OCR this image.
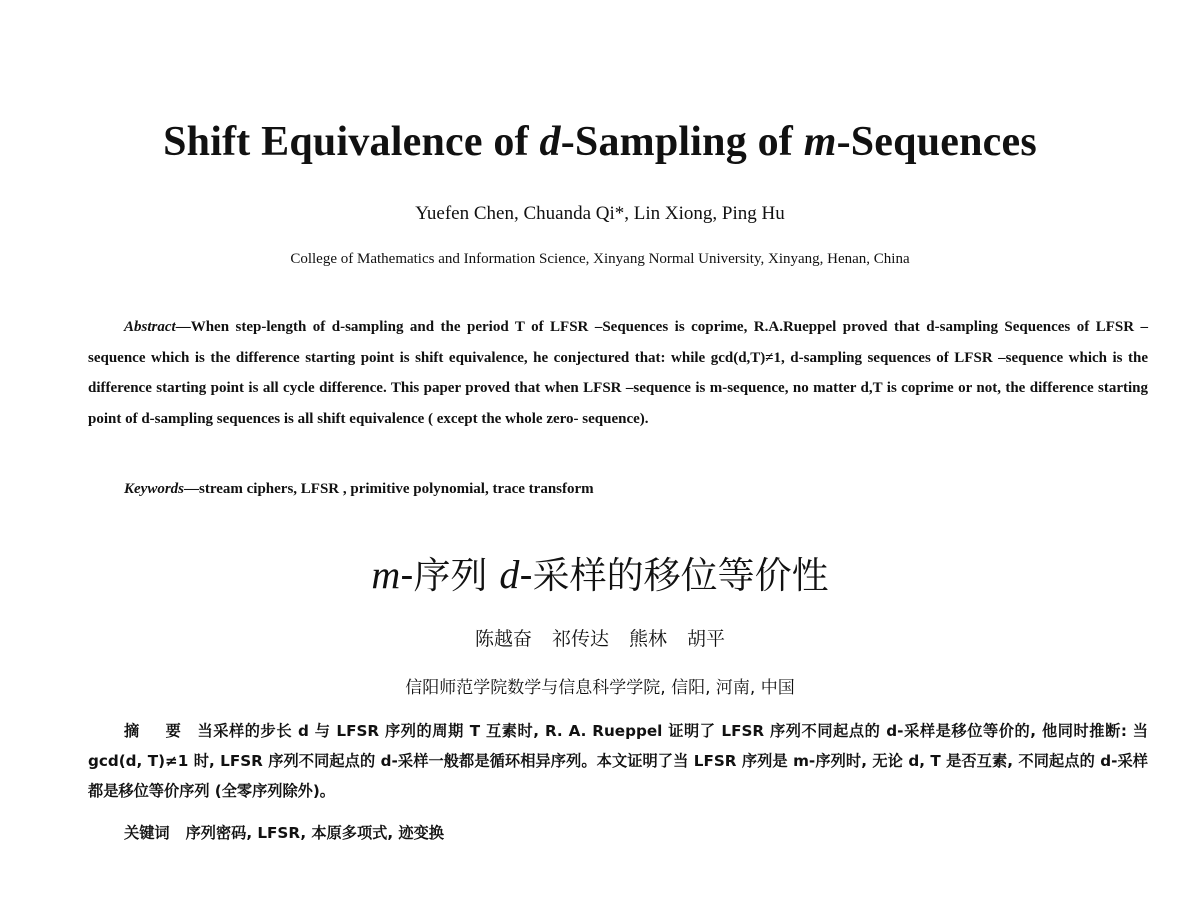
Shift Equivalence of d-Sampling of m-Sequences
Yuefen Chen, Chuanda Qi*, Lin Xiong, Ping Hu
College of Mathematics and Information Science, Xinyang Normal University, Xinyang, Henan, China
Abstract—When step-length of d-sampling and the period T of LFSR –Sequences is coprime, R.A.Rueppel proved that d-sampling Sequences of LFSR –sequence which is the difference starting point is shift equivalence, he conjectured that: while gcd(d,T)≠1, d-sampling sequences of LFSR –sequence which is the difference starting point is all cycle difference. This paper proved that when LFSR –sequence is m-sequence, no matter d,T is coprime or not, the difference starting point of d-sampling sequences is all shift equivalence ( except the whole zero- sequence).
Keywords—stream ciphers, LFSR , primitive polynomial, trace transform
m-序列 d-采样的移位等价性
陈越奋 祁传达 熊林 胡平
信阳师范学院数学与信息科学学院, 信阳, 河南, 中国
摘 要 当采样的步长 d 与 LFSR 序列的周期 T 互素时, R. A. Rueppel 证明了 LFSR 序列不同起点的 d-采样是移位等价的, 他同时推断: 当 gcd(d, T)≠1 时, LFSR 序列不同起点的 d-采样一般都是循环相异序列。本文证明了当 LFSR 序列是 m-序列时, 无论 d, T 是否互素, 不同起点的 d-采样都是移位等价序列 (全零序列除外)。
关键词 序列密码, LFSR, 本原多项式, 迹变换
